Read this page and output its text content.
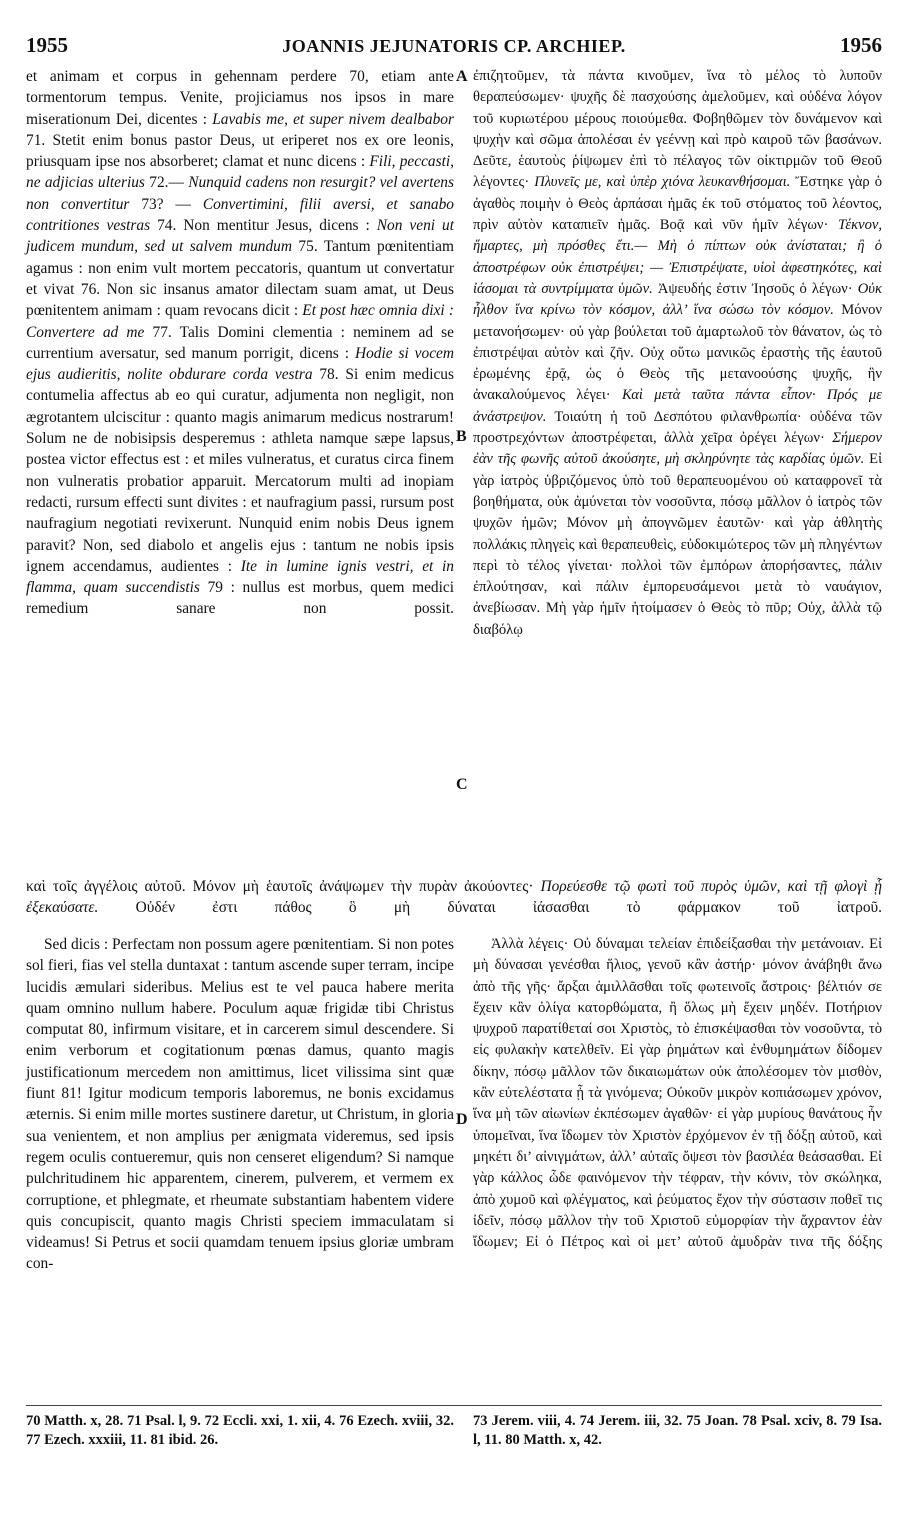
1955	JOANNIS JEJUNATORIS CP. ARCHIEP.	1956

et animam et corpus in gehennam perdere 70, etiam ante tormentorum tempus. Venite, projiciamus nos ipsos in mare miserationum Dei, dicentes : Lavabis me, et super nivem dealbabor 71. Stetit enim bonus pastor Deus, ut eriperet nos ex ore leonis, priusquam ipse nos absorberet; clamat et nunc dicens : Fili, peccasti, ne adjicias ulterius 72.— Nunquid cadens non resurgit? vel avertens non convertitur 73? — Convertimini, filii aversi, et sanabo contritiones vestras 74. Non mentitur Jesus, dicens : Non veni ut judicem mundum, sed ut salvem mundum 75. Tantum pœnitentiam agamus : non enim vult mortem peccatoris, quantum ut convertatur et vivat 76. Non sic insanus amator dilectam suam amat, ut Deus pœnitentem animam : quam revocans dicit : Et post hæc omnia dixi : Convertere ad me 77. Talis Domini clementia : neminem ad se currentium aversatur, sed manum porrigit, dicens : Hodie si vocem ejus audieritis, nolite obdurare corda vestra 78. Si enim medicus contumelia affectus ab eo qui curatur, adjumenta non negligit, non ægrotantem ulciscitur : quanto magis animarum medicus nostrarum! Solum ne de nobisipsis desperemus : athleta namque sæpe lapsus, postea victor effectus est : et miles vulneratus, et curatus circa finem non vulneratis probatior apparuit. Mercatorum multi ad inopiam redacti, rursum effecti sunt divites : et naufragium passi, rursum post naufragium negotiati revixerunt. Nunquid enim nobis Deus ignem paravit? Non, sed diabolo et angelis ejus : tantum ne nobis ipsis ignem accendamus, audientes : Ite in lumine ignis vestri, et in flamma, quam succendistis 79 : nullus est morbus, quem medici remedium sanare non possit.

ἐπιζητοῦμεν, τὰ πάντα κινοῦμεν, ἵνα τὸ μέλος τὸ λυποῦν θεραπεύσωμεν· ψυχῆς δὲ πασχούσης ἀμελοῦμεν, καὶ οὐδένα λόγον τοῦ κυριωτέρου μέρους ποιούμεθα. Φοβηθῶμεν τὸν δυνάμενον καὶ ψυχὴν καὶ σῶμα ἀπολέσαι ἐν γεέννῃ καὶ πρὸ καιροῦ τῶν βασάνων. Δεῦτε, ἑαυτοὺς ῥίψωμεν ἐπὶ τὸ πέλαγος τῶν οἰκτιρμῶν τοῦ Θεοῦ λέγοντες· Πλυνεῖς με, καὶ ὑπὲρ χιόνα λευκανθήσομαι. Ἔστηκε γὰρ ὁ ἀγαθὸς ποιμὴν ὁ Θεὸς ἁρπάσαι ἡμᾶς ἐκ τοῦ στόματος τοῦ λέοντος, πρὶν αὐτὸν καταπιεῖν ἡμᾶς. Βοᾷ καὶ νῦν ἡμῖν λέγων· Τέκνον, ἥμαρτες, μὴ πρόσθες ἔτι.— Μὴ ὁ πίπτων οὐκ ἀνίσταται; ἢ ὁ ἀποστρέφων οὐκ ἐπιστρέψει; — Ἐπιστρέψατε, υἱοὶ ἀφεστηκότες, καὶ ἰάσομαι τὰ συντρίμματα ὑμῶν. Ἀψευδής ἐστιν Ἰησοῦς ὁ λέγων· Οὐκ ἦλθον ἵνα κρίνω τὸν κόσμον, ἀλλ’ ἵνα σώσω τὸν κόσμον. Μόνον μετανοήσωμεν· οὐ γὰρ βούλεται τοῦ ἁμαρτωλοῦ τὸν θάνατον, ὡς τὸ ἐπιστρέψαι αὐτὸν καὶ ζῆν. Οὐχ οὕτω μανικῶς ἐραστὴς τῆς ἑαυτοῦ ἐρωμένης ἐρᾷ, ὡς ὁ Θεὸς τῆς μετανοούσης ψυχῆς, ἣν ἀνακαλούμενος λέγει· Καὶ μετὰ ταῦτα πάντα εἶπον· Πρός με ἀνάστρεψον. Τοιαύτη ἡ τοῦ Δεσπότου φιλανθρωπία· οὐδένα τῶν προστρεχόντων ἀποστρέφεται, ἀλλὰ χεῖρα ὀρέγει λέγων· Σήμερον ἐὰν τῆς φωνῆς αὐτοῦ ἀκούσητε, μὴ σκληρύνητε τὰς καρδίας ὑμῶν. Εἰ γὰρ ἰατρὸς ὑβριζόμενος ὑπὸ τοῦ θεραπευομένου οὐ καταφρονεῖ τὰ βοηθήματα, οὐκ ἀμύνεται τὸν νοσοῦντα, πόσῳ μᾶλλον ὁ ἰατρὸς τῶν ψυχῶν ἡμῶν; Μόνον μὴ ἀπογνῶμεν ἑαυτῶν· καὶ γὰρ ἀθλητὴς πολλάκις πληγεὶς καὶ θεραπευθεὶς, εὐδοκιμώτερος τῶν μὴ πληγέντων περὶ τὸ τέλος γίνεται· πολλοὶ τῶν ἐμπόρων ἀπορήσαντες, πάλιν ἐπλούτησαν, καὶ πάλιν ἐμπορευσάμενοι μετὰ τὸ ναυάγιον, ἀνεβίωσαν. Μὴ γὰρ ἡμῖν ἡτοίμασεν ὁ Θεὸς τὸ πῦρ; Οὐχ, ἀλλὰ τῷ διαβόλῳ

A
B
C
D

καὶ τοῖς ἀγγέλοις αὐτοῦ. Μόνον μὴ ἑαυτοῖς ἀνάψωμεν τὴν πυρὰν ἀκούοντες· Πορεύεσθε τῷ φωτὶ τοῦ πυρὸς ὑμῶν, καὶ τῇ φλογὶ ᾗ ἐξεκαύσατε. Οὐδέν ἐστι πάθος ὃ μὴ δύναται ἰάσασθαι τὸ φάρμακον τοῦ ἰατροῦ.

Sed dicis : Perfectam non possum agere pœnitentiam. Si non potes sol fieri, fias vel stella duntaxat : tantum ascende super terram, incipe lucidis æmulari sideribus. Melius est te vel pauca habere merita quam omnino nullum habere. Poculum aquæ frigidæ tibi Christus computat 80, infirmum visitare, et in carcerem simul descendere. Si enim verborum et cogitationum pœnas damus, quanto magis justificationum mercedem non amittimus, licet vilissima sint quæ fiunt 81! Igitur modicum temporis laboremus, ne bonis excidamus æternis. Si enim mille mortes sustinere daretur, ut Christum, in gloria sua venientem, et non amplius per ænigmata videremus, sed ipsis regem oculis contueremur, quis non censeret eligendum? Si namque pulchritudinem hic apparentem, cinerem, pulverem, et vermem ex corruptione, et phlegmate, et rheumate substantiam habentem videre quis concupiscit, quanto magis Christi speciem immaculatam si videamus! Si Petrus et socii quamdam tenuem ipsius gloriæ umbram con-

Ἀλλὰ λέγεις· Οὐ δύναμαι τελείαν ἐπιδείξασθαι τὴν μετάνοιαν. Εἰ μὴ δύνασαι γενέσθαι ἥλιος, γενοῦ κἂν ἀστήρ· μόνον ἀνάβηθι ἄνω ἀπὸ τῆς γῆς· ἄρξαι ἁμιλλᾶσθαι τοῖς φωτεινοῖς ἄστροις· βέλτιόν σε ἔχειν κἂν ὀλίγα κατορθώματα, ἢ ὅλως μὴ ἔχειν μηδέν. Ποτήριον ψυχροῦ παρατίθεταί σοι Χριστὸς, τὸ ἐπισκέψασθαι τὸν νοσοῦντα, τὸ εἰς φυλακὴν κατελθεῖν. Εἰ γὰρ ῥημάτων καὶ ἐνθυμημάτων δίδομεν δίκην, πόσῳ μᾶλλον τῶν δικαιωμάτων οὐκ ἀπολέσομεν τὸν μισθὸν, κἂν εὐτελέστατα ᾖ τὰ γινόμενα; Οὐκοῦν μικρὸν κοπιάσωμεν χρόνον, ἵνα μὴ τῶν αἰωνίων ἐκπέσωμεν ἀγαθῶν· εἰ γὰρ μυρίους θανάτους ἦν ὑπομεῖναι, ἵνα ἴδωμεν τὸν Χριστὸν ἐρχόμενον ἐν τῇ δόξῃ αὐτοῦ, καὶ μηκέτι δι’ αἰνιγμάτων, ἀλλ’ αὐταῖς ὄψεσι τὸν βασιλέα θεάσασθαι. Εἰ γὰρ κάλλος ὧδε φαινόμενον τὴν τέφραν, τὴν κόνιν, τὸν σκώληκα, ἀπὸ χυμοῦ καὶ φλέγματος, καὶ ῥεύματος ἔχον τὴν σύστασιν ποθεῖ τις ἰδεῖν, πόσῳ μᾶλλον τὴν τοῦ Χριστοῦ εὐμορφίαν τὴν ἄχραντον ἐὰν ἴδωμεν; Εἰ ὁ Πέτρος καὶ οἱ μετ’ αὐτοῦ ἀμυδρὰν τινα τῆς δόξης

70 Matth. x, 28. 71 Psal. l, 9. 72 Eccli. xxi, 1. xii, 4. 76 Ezech. xviii, 32. 77 Ezech. xxxiii, 11. 81 ibid. 26.

73 Jerem. viii, 4. 74 Jerem. iii, 32. 75 Joan. 78 Psal. xciv, 8. 79 Isa. l, 11. 80 Matth. x, 42.
